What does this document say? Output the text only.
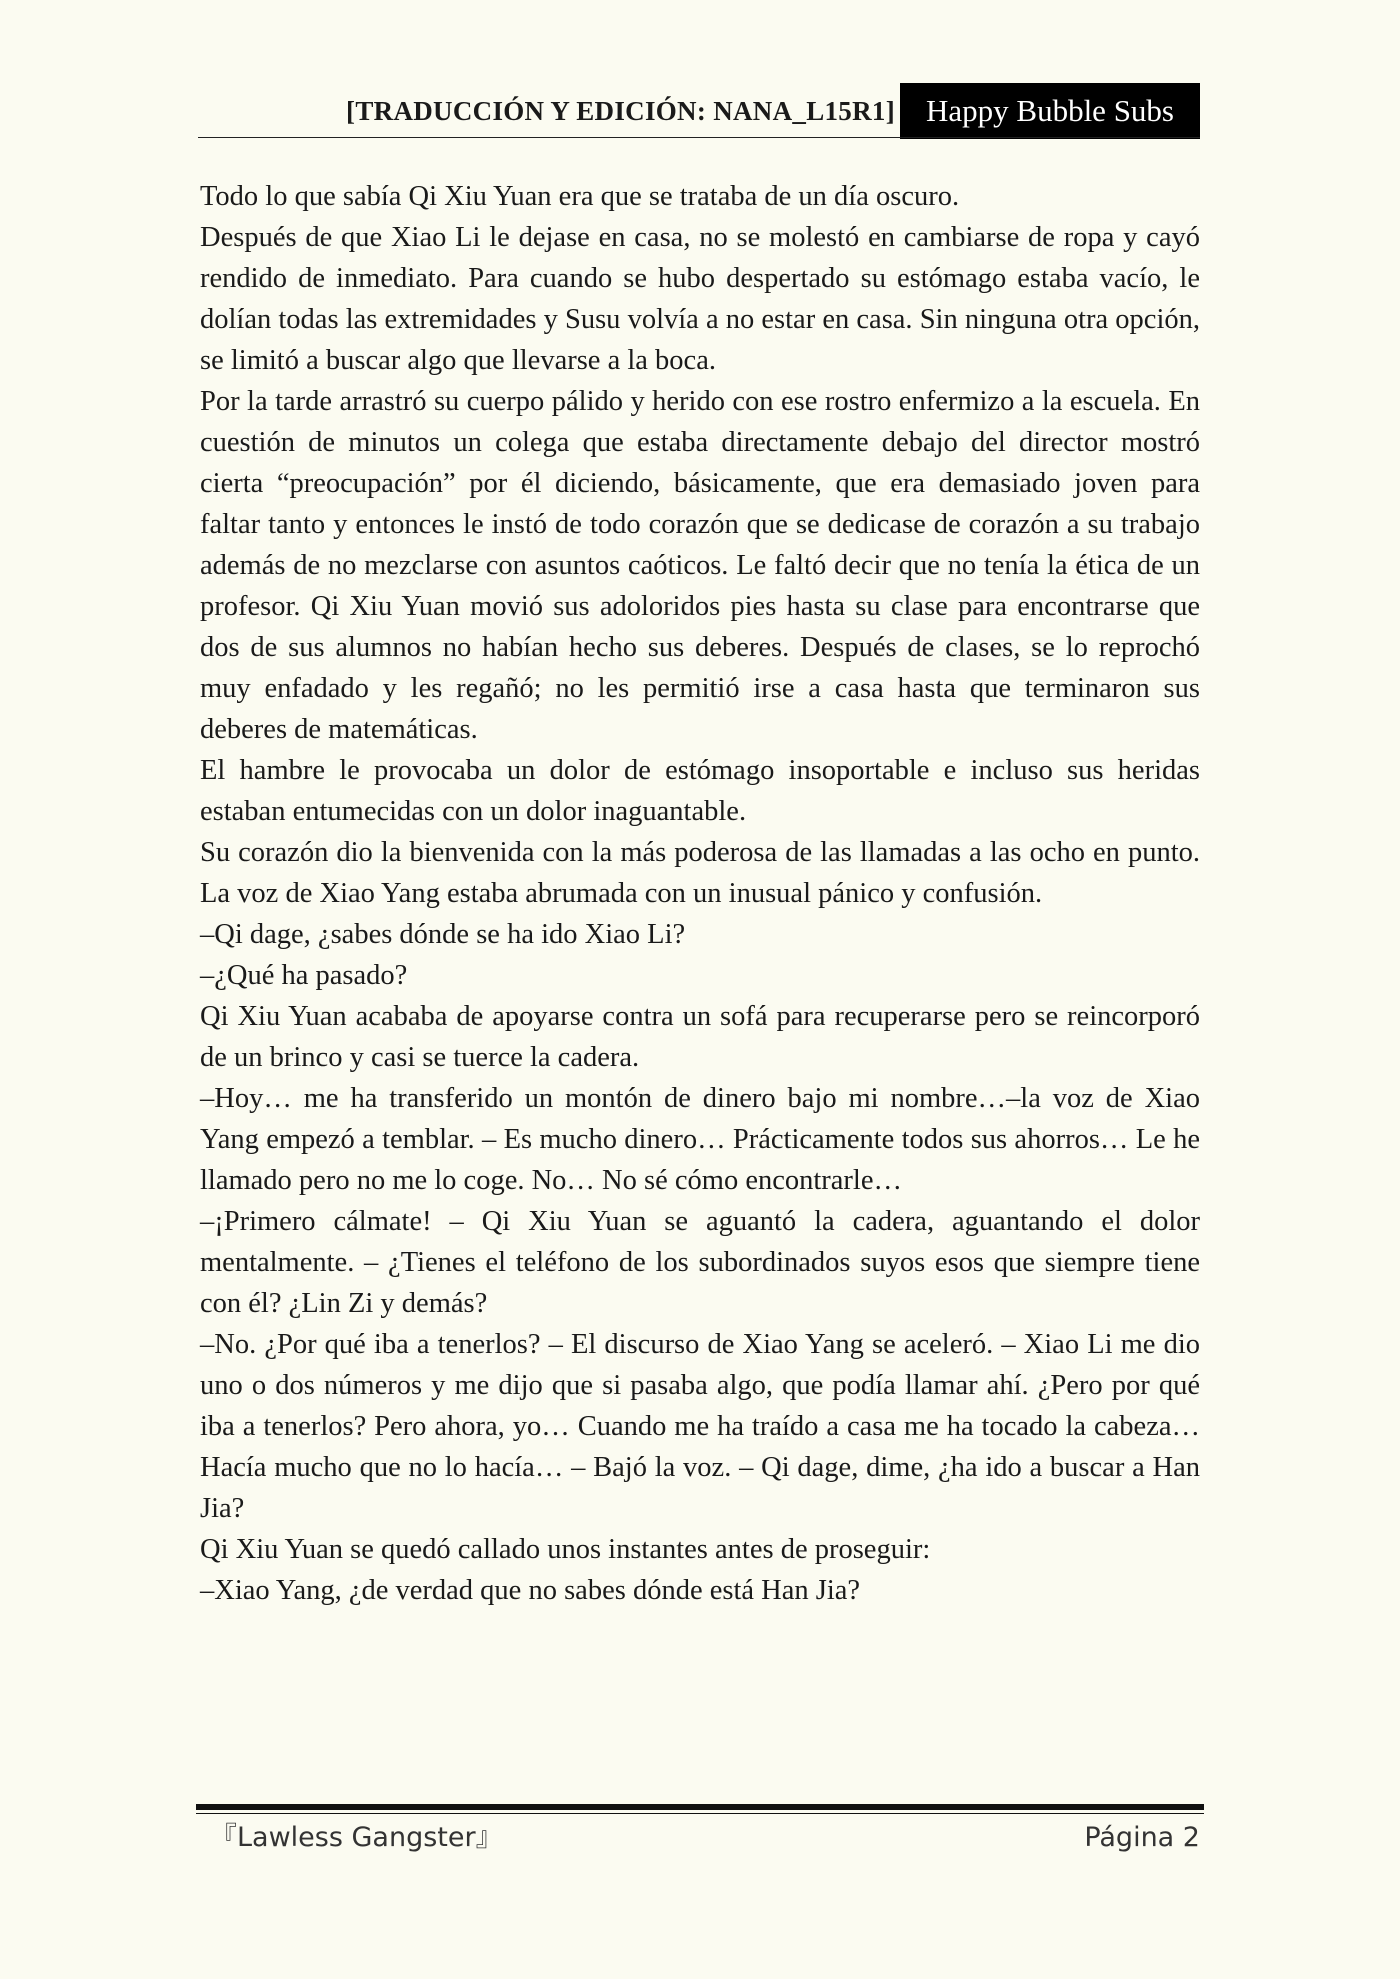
[TRADUCCIÓN Y EDICIÓN: NANA_L15R1]	Happy Bubble Subs

Todo lo que sabía Qi Xiu Yuan era que se trataba de un día oscuro.

Después de que Xiao Li le dejase en casa, no se molestó en cambiarse de ropa y cayó rendido de inmediato. Para cuando se hubo despertado su estómago estaba vacío, le dolían todas las extremidades y Susu volvía a no estar en casa. Sin ninguna otra opción, se limitó a buscar algo que llevarse a la boca.

Por la tarde arrastró su cuerpo pálido y herido con ese rostro enfermizo a la escuela. En cuestión de minutos un colega que estaba directamente debajo del director mostró cierta “preocupación” por él diciendo, básicamente, que era demasiado joven para faltar tanto y entonces le instó de todo corazón que se dedicase de corazón a su trabajo además de no mezclarse con asuntos caóticos. Le faltó decir que no tenía la ética de un profesor. Qi Xiu Yuan movió sus adoloridos pies hasta su clase para encontrarse que dos de sus alumnos no habían hecho sus deberes. Después de clases, se lo reprochó muy enfadado y les regañó; no les permitió irse a casa hasta que terminaron sus deberes de matemáticas.

El hambre le provocaba un dolor de estómago insoportable e incluso sus heridas estaban entumecidas con un dolor inaguantable.

Su corazón dio la bienvenida con la más poderosa de las llamadas a las ocho en punto. La voz de Xiao Yang estaba abrumada con un inusual pánico y confusión.

–Qi dage, ¿sabes dónde se ha ido Xiao Li?

–¿Qué ha pasado?

Qi Xiu Yuan acababa de apoyarse contra un sofá para recuperarse pero se reincorporó de un brinco y casi se tuerce la cadera.

–Hoy… me ha transferido un montón de dinero bajo mi nombre…–la voz de Xiao Yang empezó a temblar. – Es mucho dinero… Prácticamente todos sus ahorros… Le he llamado pero no me lo coge. No… No sé cómo encontrarle…

–¡Primero cálmate! – Qi Xiu Yuan se aguantó la cadera, aguantando el dolor mentalmente. – ¿Tienes el teléfono de los subordinados suyos esos que siempre tiene con él? ¿Lin Zi y demás?

–No. ¿Por qué iba a tenerlos? – El discurso de Xiao Yang se aceleró. – Xiao Li me dio uno o dos números y me dijo que si pasaba algo, que podía llamar ahí. ¿Pero por qué iba a tenerlos? Pero ahora, yo… Cuando me ha traído a casa me ha tocado la cabeza… Hacía mucho que no lo hacía… – Bajó la voz. – Qi dage, dime, ¿ha ido a buscar a Han Jia?

Qi Xiu Yuan se quedó callado unos instantes antes de proseguir:

–Xiao Yang, ¿de verdad que no sabes dónde está Han Jia?

『Lawless Gangster』	Página 2
